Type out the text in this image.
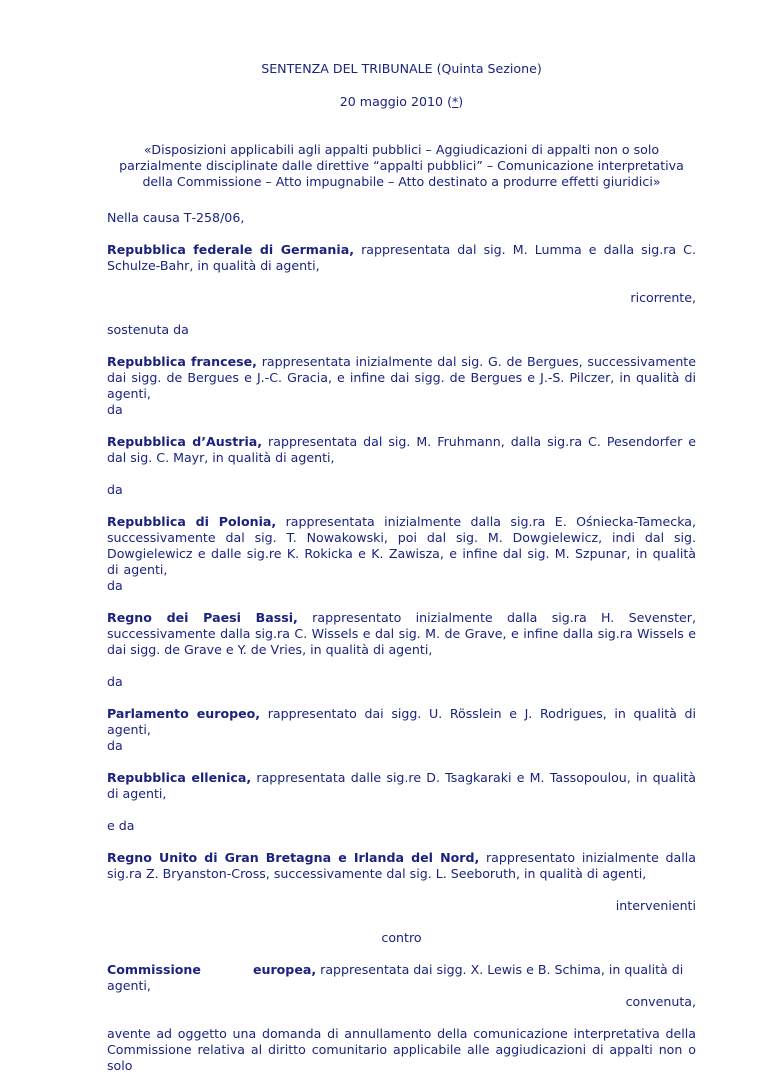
SENTENZA DEL TRIBUNALE (Quinta Sezione)

20 maggio 2010 (*)

«Disposizioni applicabili agli appalti pubblici – Aggiudicazioni di appalti non o solo parzialmente disciplinate dalle direttive “appalti pubblici” – Comunicazione interpretativa della Commissione – Atto impugnabile – Atto destinato a produrre effetti giuridici»

Nella causa T‑258/06,

Repubblica federale di Germania, rappresentata dal sig. M. Lumma e dalla sig.ra C. Schulze-Bahr, in qualità di agenti,

ricorrente,

sostenuta da

Repubblica francese, rappresentata inizialmente dal sig. G. de Bergues, successivamente dai sigg. de Bergues e J.‑C. Gracia, e infine dai sigg. de Bergues e J.‑S. Pilczer, in qualità di agenti,

da

Repubblica d’Austria, rappresentata dal sig. M. Fruhmann, dalla sig.ra C. Pesendorfer e dal sig. C. Mayr, in qualità di agenti,

da

Repubblica di Polonia, rappresentata inizialmente dalla sig.ra E. Ośniecka-Tamecka, successivamente dal sig. T. Nowakowski, poi dal sig. M. Dowgielewicz, indi dal sig. Dowgielewicz e dalle sig.re K. Rokicka e K. Zawisza, e infine dal sig. M. Szpunar, in qualità di agenti,

da

Regno dei Paesi Bassi, rappresentato inizialmente dalla sig.ra H. Sevenster, successivamente dalla sig.ra C. Wissels e dal sig. M. de Grave, e infine dalla sig.ra Wissels e dai sigg. de Grave e Y. de Vries, in qualità di agenti,

da

Parlamento europeo, rappresentato dai sigg. U. Rösslein e J. Rodrigues, in qualità di agenti,

da

Repubblica ellenica, rappresentata dalle sig.re D. Tsagkaraki e M. Tassopoulou, in qualità di agenti,

e da

Regno Unito di Gran Bretagna e Irlanda del Nord, rappresentato inizialmente dalla sig.ra Z. Bryanston-Cross, successivamente dal sig. L. Seeboruth, in qualità di agenti,

intervenienti

contro

Commissione	europea, rappresentata dai sigg. X. Lewis e B. Schima, in qualità di agenti,

convenuta,

avente ad oggetto una domanda di annullamento della comunicazione interpretativa della Commissione relativa al diritto comunitario applicabile alle aggiudicazioni di appalti non o solo
